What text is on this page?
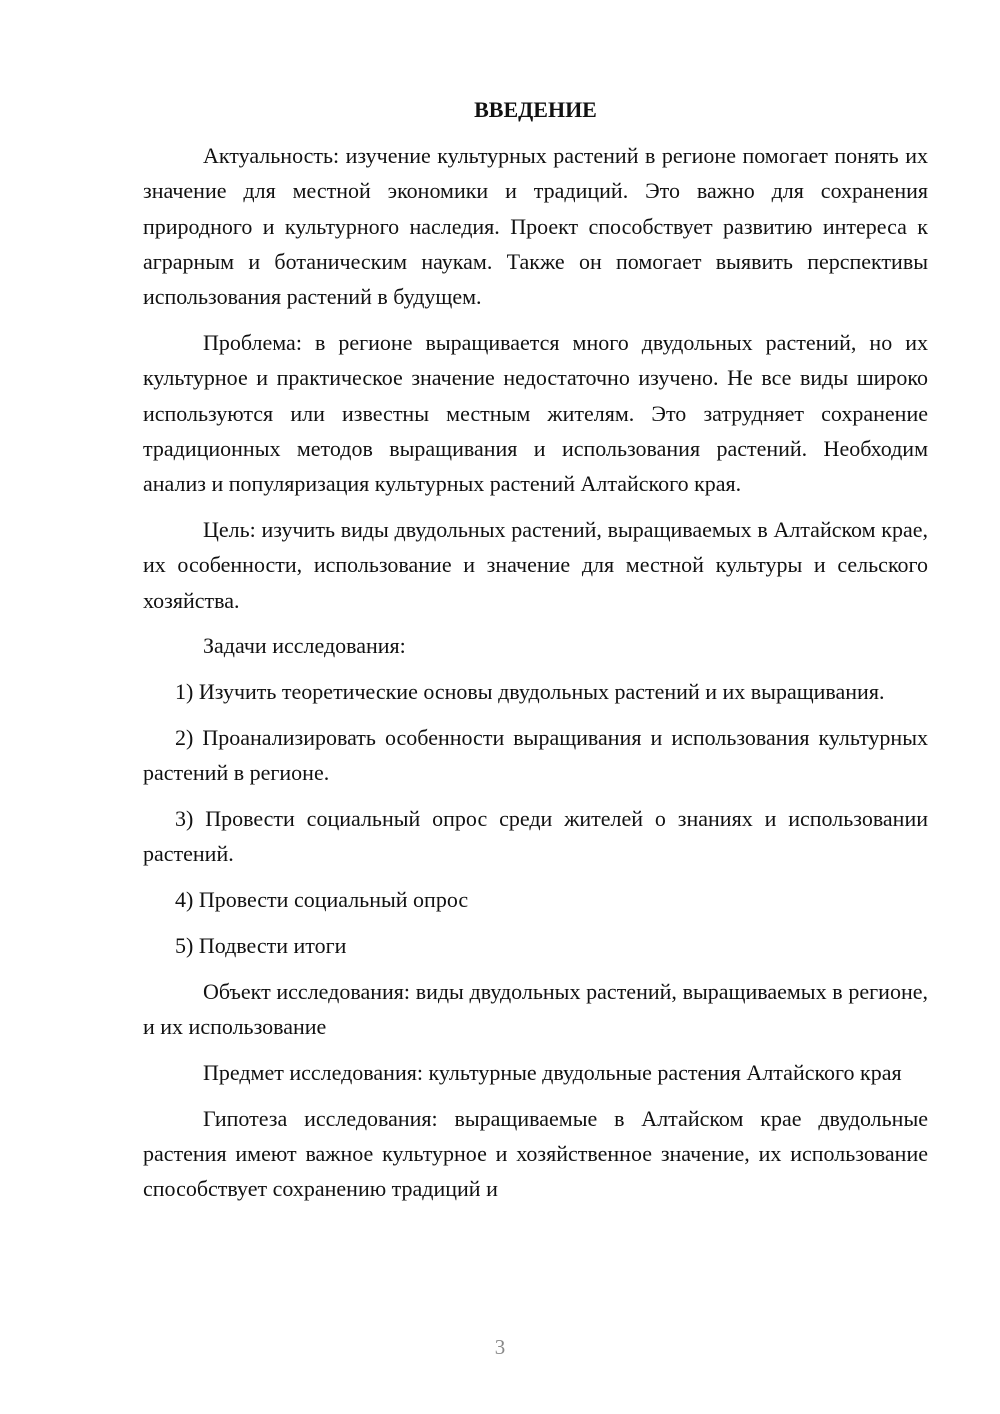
ВВЕДЕНИЕ

Актуальность: изучение культурных растений в регионе помогает понять их значение для местной экономики и традиций. Это важно для сохранения природного и культурного наследия. Проект способствует развитию интереса к аграрным и ботаническим наукам. Также он помогает выявить перспективы использования растений в будущем.

Проблема: в регионе выращивается много двудольных растений, но их культурное и практическое значение недостаточно изучено. Не все виды широко используются или известны местным жителям. Это затрудняет сохранение традиционных методов выращивания и использования растений. Необходим анализ и популяризация культурных растений Алтайского края.

Цель: изучить виды двудольных растений, выращиваемых в Алтайском крае, их особенности, использование и значение для местной культуры и сельского хозяйства.

Задачи исследования:

1) Изучить теоретические основы двудольных растений и их выращивания.

2) Проанализировать особенности выращивания и использования культурных растений в регионе.

3) Провести социальный опрос среди жителей о знаниях и использовании растений.

4) Провести социальный опрос

5) Подвести итоги

Объект исследования: виды двудольных растений, выращиваемых в регионе, и их использование

Предмет исследования: культурные двудольные растения Алтайского края

Гипотеза исследования: выращиваемые в Алтайском крае двудольные растения имеют важное культурное и хозяйственное значение, их использование способствует сохранению традиций и

3
